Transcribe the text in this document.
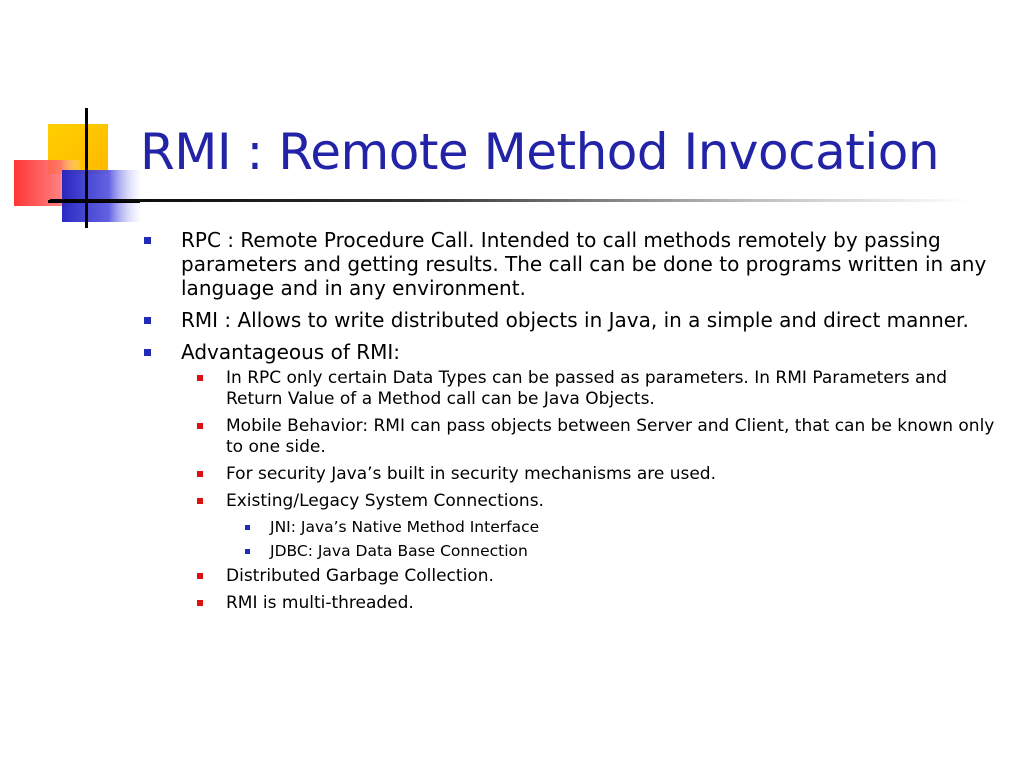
RMI : Remote Method Invocation
RPC : Remote Procedure Call. Intended to call methods remotely by passing parameters and getting results. The call can be done to programs written in any language and in any environment.
RMI : Allows to write distributed objects in Java, in a simple and direct manner.
Advantageous of RMI:
In RPC only certain Data Types can be passed as parameters. In RMI Parameters and Return Value of a Method call can be Java Objects.
Mobile Behavior: RMI can pass objects between Server and Client, that can be known only to one side.
For security Java’s built in security mechanisms are used.
Existing/Legacy System Connections.
JNI: Java’s Native Method Interface
JDBC: Java Data Base Connection
Distributed Garbage Collection.
RMI is multi-threaded.
